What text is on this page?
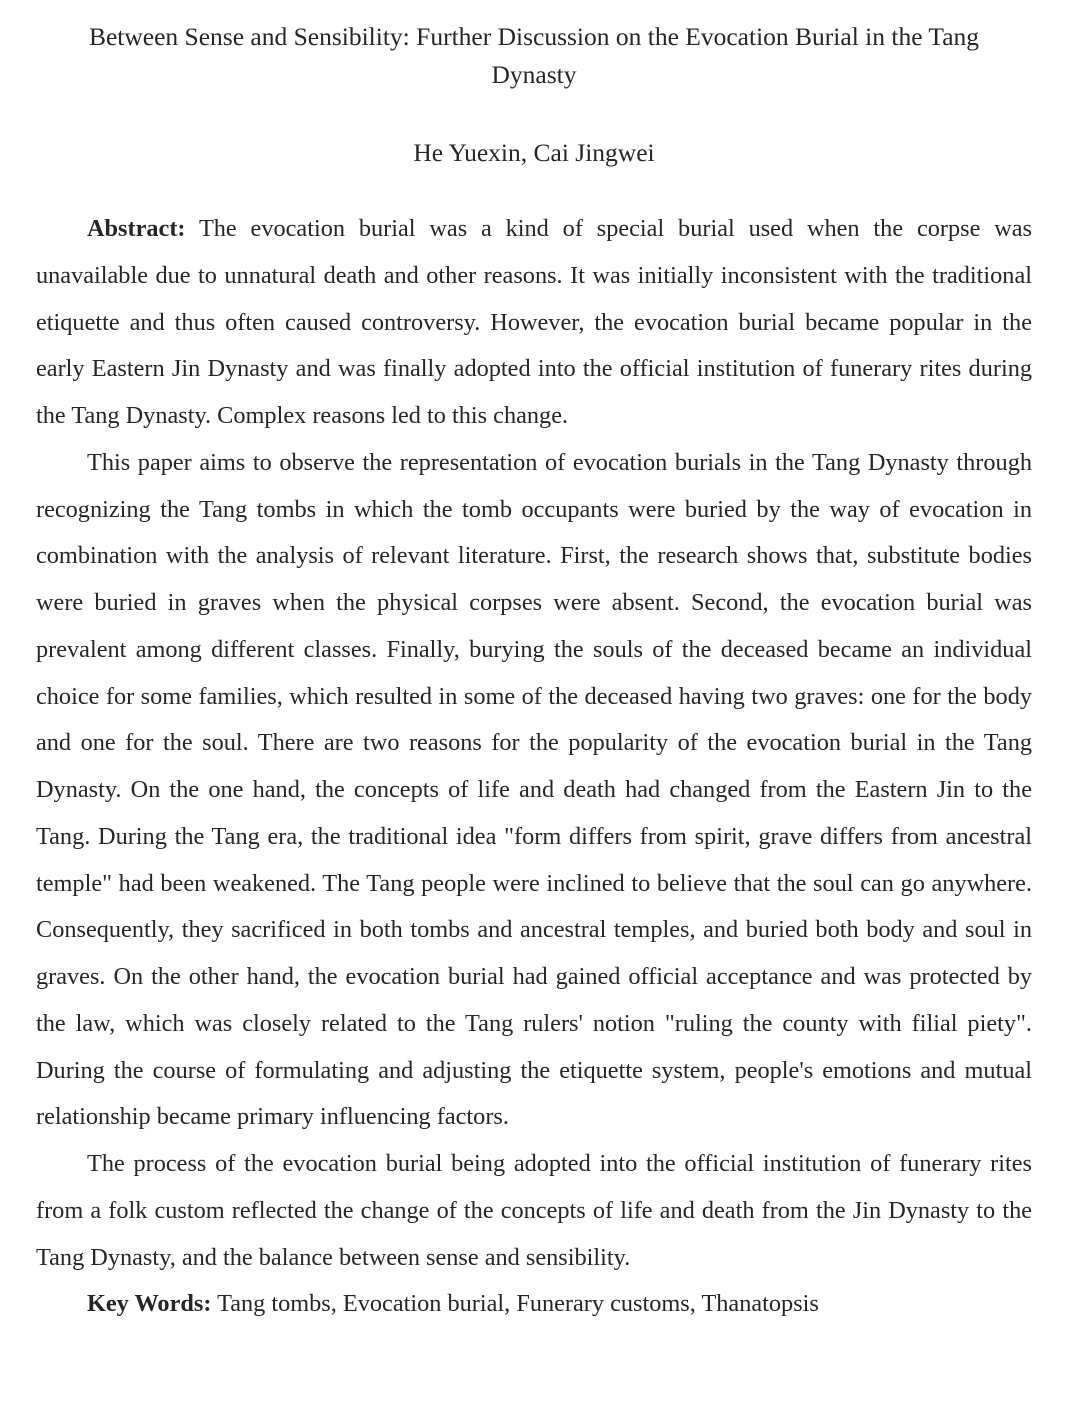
Between Sense and Sensibility: Further Discussion on the Evocation Burial in the Tang Dynasty
He Yuexin, Cai Jingwei

Abstract: The evocation burial was a kind of special burial used when the corpse was unavailable due to unnatural death and other reasons. It was initially inconsistent with the traditional etiquette and thus often caused controversy. However, the evocation burial became popular in the early Eastern Jin Dynasty and was finally adopted into the official institution of funerary rites during the Tang Dynasty. Complex reasons led to this change.

This paper aims to observe the representation of evocation burials in the Tang Dynasty through recognizing the Tang tombs in which the tomb occupants were buried by the way of evocation in combination with the analysis of relevant literature. First, the research shows that, substitute bodies were buried in graves when the physical corpses were absent. Second, the evocation burial was prevalent among different classes. Finally, burying the souls of the deceased became an individual choice for some families, which resulted in some of the deceased having two graves: one for the body and one for the soul. There are two reasons for the popularity of the evocation burial in the Tang Dynasty. On the one hand, the concepts of life and death had changed from the Eastern Jin to the Tang. During the Tang era, the traditional idea "form differs from spirit, grave differs from ancestral temple" had been weakened. The Tang people were inclined to believe that the soul can go anywhere. Consequently, they sacrificed in both tombs and ancestral temples, and buried both body and soul in graves. On the other hand, the evocation burial had gained official acceptance and was protected by the law, which was closely related to the Tang rulers' notion "ruling the county with filial piety". During the course of formulating and adjusting the etiquette system, people's emotions and mutual relationship became primary influencing factors.

The process of the evocation burial being adopted into the official institution of funerary rites from a folk custom reflected the change of the concepts of life and death from the Jin Dynasty to the Tang Dynasty, and the balance between sense and sensibility.

Key Words: Tang tombs, Evocation burial, Funerary customs, Thanatopsis
